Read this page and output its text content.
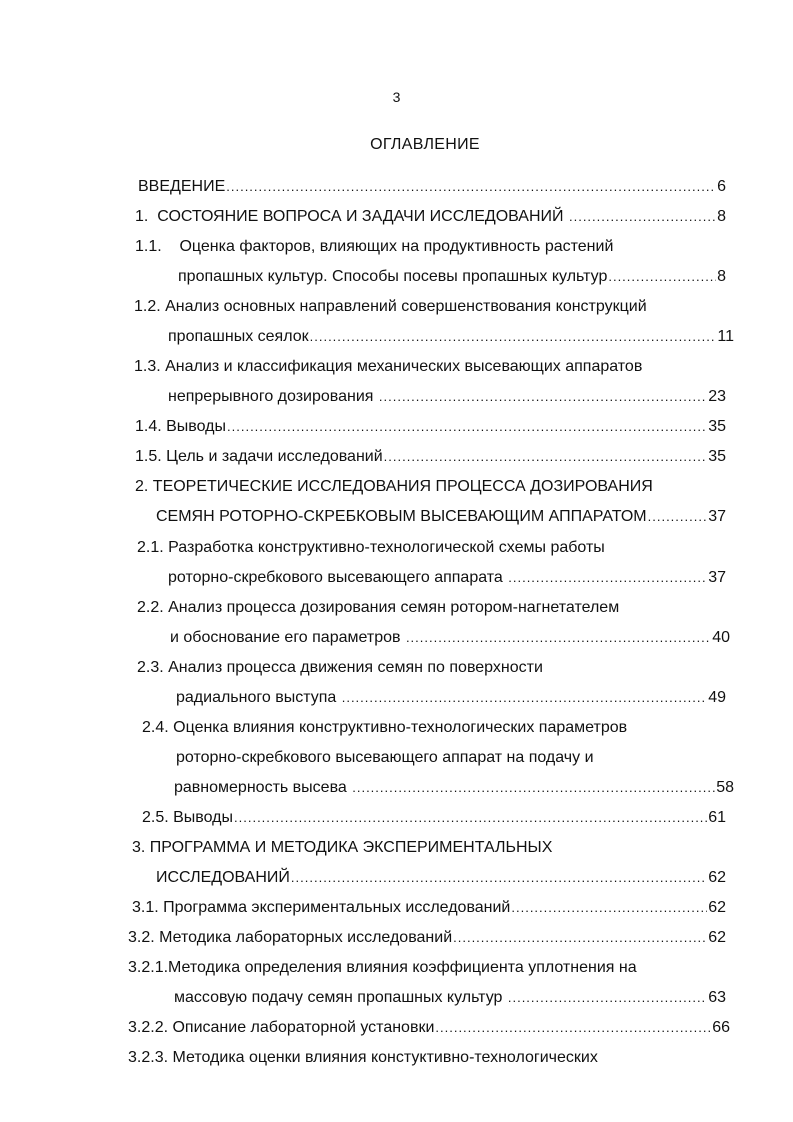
3
ОГЛАВЛЕНИЕ
ВВЕДЕНИЕ .....	6
1.  СОСТОЯНИЕ ВОПРОСА И ЗАДАЧИ ИССЛЕДОВАНИЙ .....	8
1.1.    Оценка факторов, влияющих на продуктивность растений
пропашных культур. Способы посевы пропашных культур .....	8
1.2. Анализ основных направлений совершенствования конструкций
пропашных сеялок .....	11
1.3. Анализ и классификация механических высевающих аппаратов
непрерывного дозирования .....	23
1.4. Выводы .....	35
1.5. Цель и задачи исследований .....	35
2. ТЕОРЕТИЧЕСКИЕ ИССЛЕДОВАНИЯ ПРОЦЕССА ДОЗИРОВАНИЯ
СЕМЯН РОТОРНО-СКРЕБКОВЫМ ВЫСЕВАЮЩИМ АППАРАТОМ .....	37
2.1. Разработка конструктивно-технологической схемы работы
роторно-скребкового высевающего аппарата .....	37
2.2. Анализ процесса дозирования семян ротором-нагнетателем
и обоснование его параметров .....	40
2.3. Анализ процесса движения семян по поверхности
радиального выступа .....	49
2.4. Оценка влияния конструктивно-технологических параметров
роторно-скребкового высевающего аппарат на подачу и
равномерность высева .....	58
2.5. Выводы .....	61
3. ПРОГРАММА И МЕТОДИКА ЭКСПЕРИМЕНТАЛЬНЫХ
ИССЛЕДОВАНИЙ .....	62
3.1. Программа экспериментальных исследований .....	62
3.2. Методика лабораторных исследований .....	62
3.2.1.Методика определения влияния коэффициента уплотнения на
массовую подачу семян пропашных культур .....	63
3.2.2. Описание лабораторной установки .....	66
3.2.3. Методика оценки влияния констуктивно-технологических
